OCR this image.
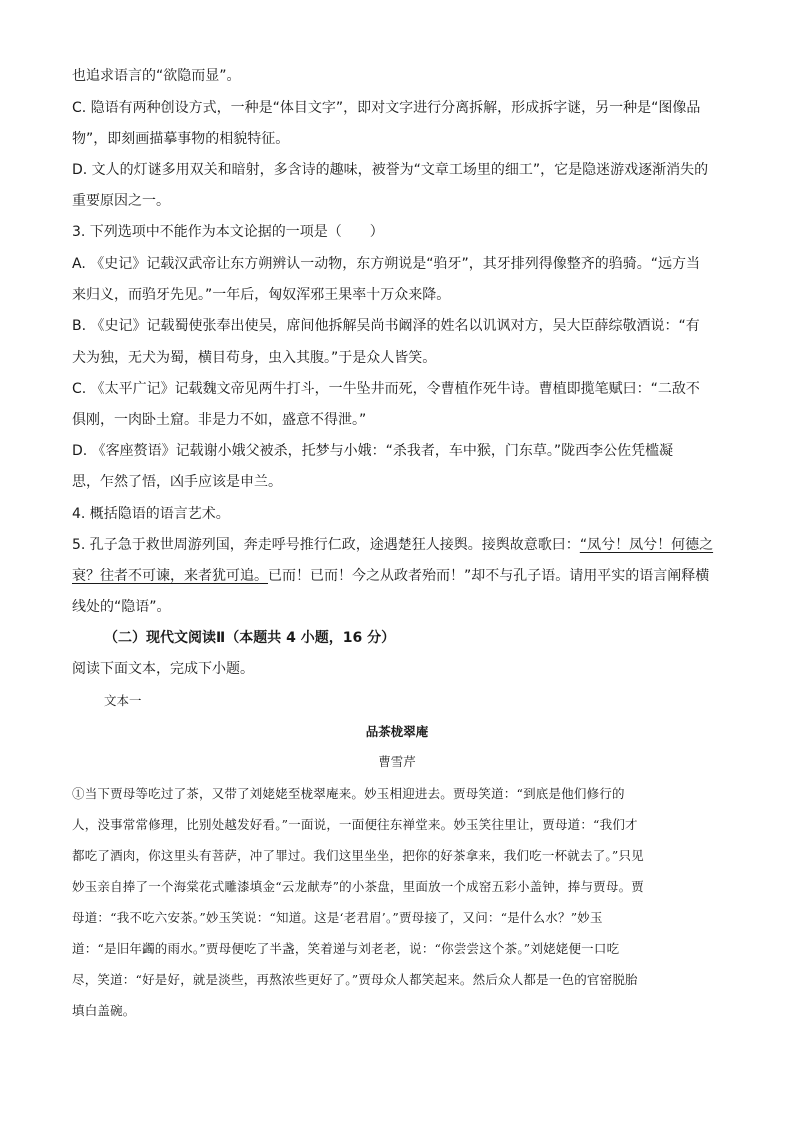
也追求语言的“欲隐而显”。
C. 隐语有两种创设方式，一种是“体目文字”，即对文字进行分离拆解，形成拆字谜，另一种是“图像品
物”，即刻画描摹事物的相貌特征。
D. 文人的灯谜多用双关和暗射，多含诗的趣味，被誉为“文章工场里的细工”，它是隐迷游戏逐渐消失的
重要原因之一。
3. 下列选项中不能作为本文论据的一项是（　　）
A. 《史记》记载汉武帝让东方朔辨认一动物，东方朔说是“驺牙”，其牙排列得像整齐的驺骑。“远方当
来归义，而驺牙先见。”一年后，匈奴浑邪王果率十万众来降。
B. 《史记》记载蜀使张奉出使吴，席间他拆解吴尚书阚泽的姓名以讥讽对方，吴大臣薛综敬酒说：“有
犬为独，无犬为蜀，横目苟身，虫入其腹。”于是众人皆笑。
C. 《太平广记》记载魏文帝见两牛打斗，一牛坠井而死，令曹植作死牛诗。曹植即揽笔赋曰：“二敌不
俱刚，一肉卧土窟。非是力不如，盛意不得泄。”
D. 《客座赘语》记载谢小娥父被杀，托梦与小娥：“杀我者，车中猴，门东草。”陇西李公佐凭槛凝
思，乍然了悟，凶手应该是申兰。
4. 概括隐语的语言艺术。
5. 孔子急于救世周游列国，奔走呼号推行仁政，途遇楚狂人接舆。接舆故意歌曰：“凤兮！凤兮！何德之
衰？往者不可谏，来者犹可追。已而！已而！今之从政者殆而！”却不与孔子语。请用平实的语言阐释横
线处的“隐语”。
（二）现代文阅读Ⅱ（本题共 4 小题，16 分）
阅读下面文本，完成下小题。
文本一
品茶栊翠庵
曹雪芹
①当下贾母等吃过了茶，又带了刘姥姥至栊翠庵来。妙玉相迎进去。贾母笑道：“到底是他们修行的
人，没事常常修理，比别处越发好看。”一面说，一面便往东禅堂来。妙玉笑往里让，贾母道：“我们才
都吃了酒肉，你这里头有菩萨，冲了罪过。我们这里坐坐，把你的好茶拿来，我们吃一杯就去了。”只见
妙玉亲自捧了一个海棠花式雕漆填金“云龙献寿”的小茶盘，里面放一个成窑五彩小盖钟，捧与贾母。贾
母道：“我不吃六安茶。”妙玉笑说：“知道。这是‘老君眉’。”贾母接了，又问：“是什么水？”妙玉
道：“是旧年蠲的雨水。”贾母便吃了半盏，笑着递与刘老老，说：“你尝尝这个茶。”刘姥姥便一口吃
尽，笑道：“好是好，就是淡些，再熬浓些更好了。”贾母众人都笑起来。然后众人都是一色的官窑脱胎
填白盖碗。
